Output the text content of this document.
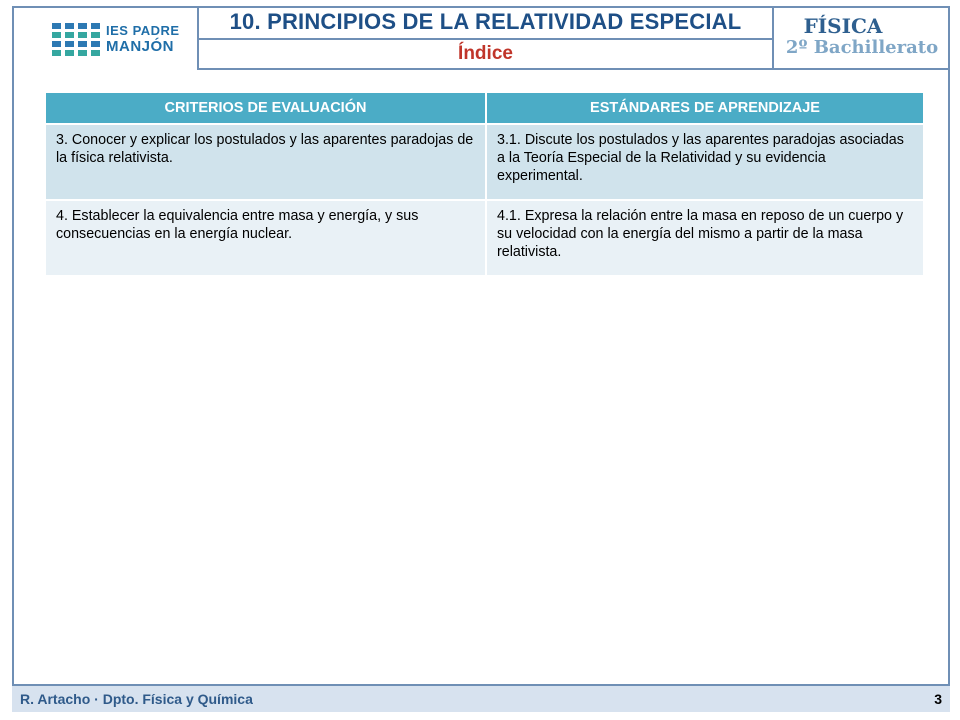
IES PADRE
MANJÓN
10. PRINCIPIOS DE LA RELATIVIDAD ESPECIAL
Índice
FÍSICA
2º Bachillerato
CRITERIOS DE EVALUACIÓN	ESTÁNDARES DE APRENDIZAJE
3. Conocer y explicar los postulados y las aparentes paradojas de la física relativista.	3.1. Discute los postulados y las aparentes paradojas asociadas a la Teoría Especial de la Relatividad y su evidencia experimental.
4. Establecer la equivalencia entre masa y energía, y sus consecuencias en la energía nuclear.	4.1. Expresa la relación entre la masa en reposo de un cuerpo y su velocidad con la energía del mismo a partir de la masa relativista.
R. Artacho · Dpto. Física y Química	3
